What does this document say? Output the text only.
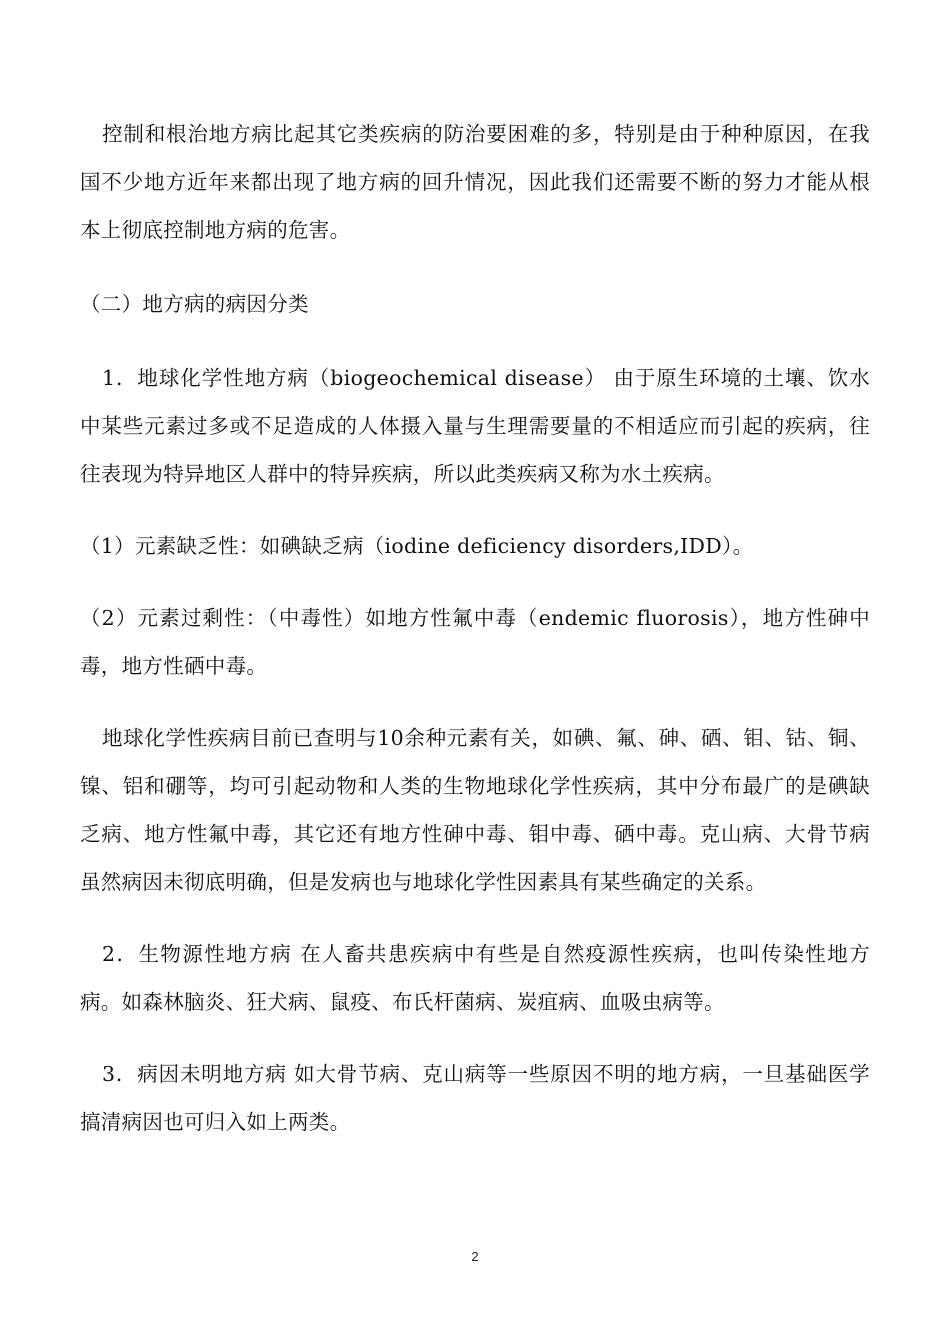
控制和根治地方病比起其它类疾病的防治要困难的多，特别是由于种种原因，在我国不少地方近年来都出现了地方病的回升情况，因此我们还需要不断的努力才能从根本上彻底控制地方病的危害。

（二）地方病的病因分类

1．地球化学性地方病（biogeochemical disease） 由于原生环境的土壤、饮水中某些元素过多或不足造成的人体摄入量与生理需要量的不相适应而引起的疾病，往往表现为特异地区人群中的特异疾病，所以此类疾病又称为水土疾病。

（1）元素缺乏性：如碘缺乏病（iodine deficiency disorders,IDD）。

（2）元素过剩性：（中毒性）如地方性氟中毒（endemic fluorosis），地方性砷中毒，地方性硒中毒。

地球化学性疾病目前已查明与10余种元素有关，如碘、氟、砷、硒、钼、钴、铜、镍、铝和硼等，均可引起动物和人类的生物地球化学性疾病，其中分布最广的是碘缺乏病、地方性氟中毒，其它还有地方性砷中毒、钼中毒、硒中毒。克山病、大骨节病虽然病因未彻底明确，但是发病也与地球化学性因素具有某些确定的关系。

2．生物源性地方病 在人畜共患疾病中有些是自然疫源性疾病，也叫传染性地方病。如森林脑炎、狂犬病、鼠疫、布氏杆菌病、炭疽病、血吸虫病等。

3．病因未明地方病 如大骨节病、克山病等一些原因不明的地方病，一旦基础医学搞清病因也可归入如上两类。

2
